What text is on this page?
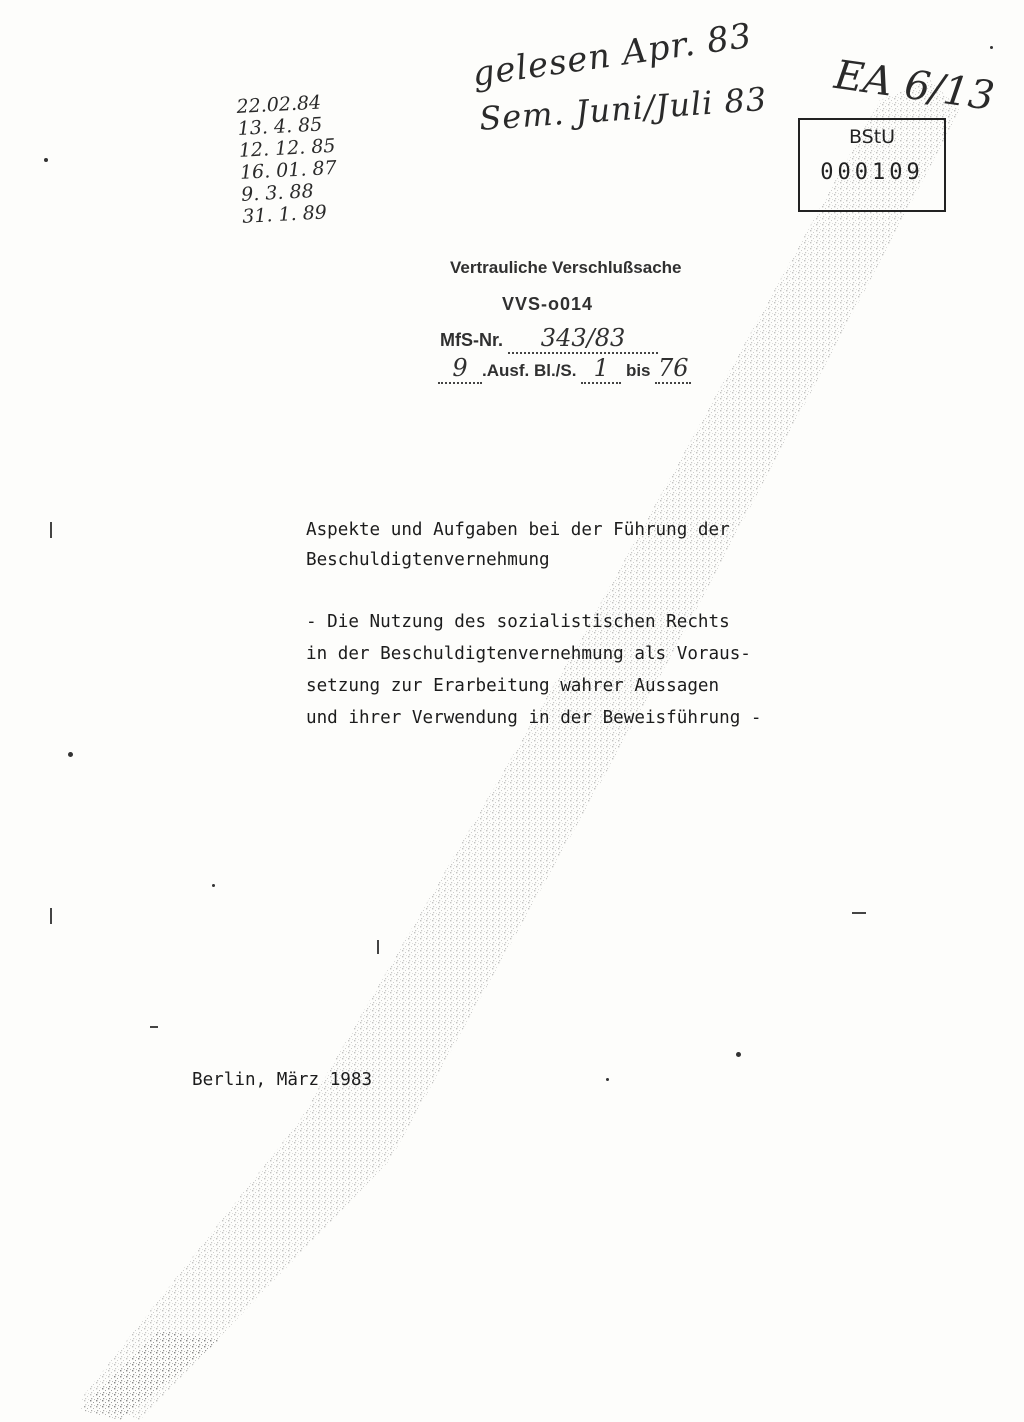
22.02.84
13. 4. 85
12. 12. 85
16. 01. 87
9. 3. 88
31. 1. 89
gelesen Apr. 83
Sem. Juni/Juli 83 EA 6/13
BStU
000109
Vertrauliche Verschlußsache
VVS-o014
MfS-Nr. 343/83
9 .Ausf. Bl./S. 1 bis 76
Aspekte und Aufgaben bei der Führung der
Beschuldigtenvernehmung
- Die Nutzung des sozialistischen Rechts
in der Beschuldigtenvernehmung als Voraus-
setzung zur Erarbeitung wahrer Aussagen
und ihrer Verwendung in der Beweisführung -
Berlin, März 1983
